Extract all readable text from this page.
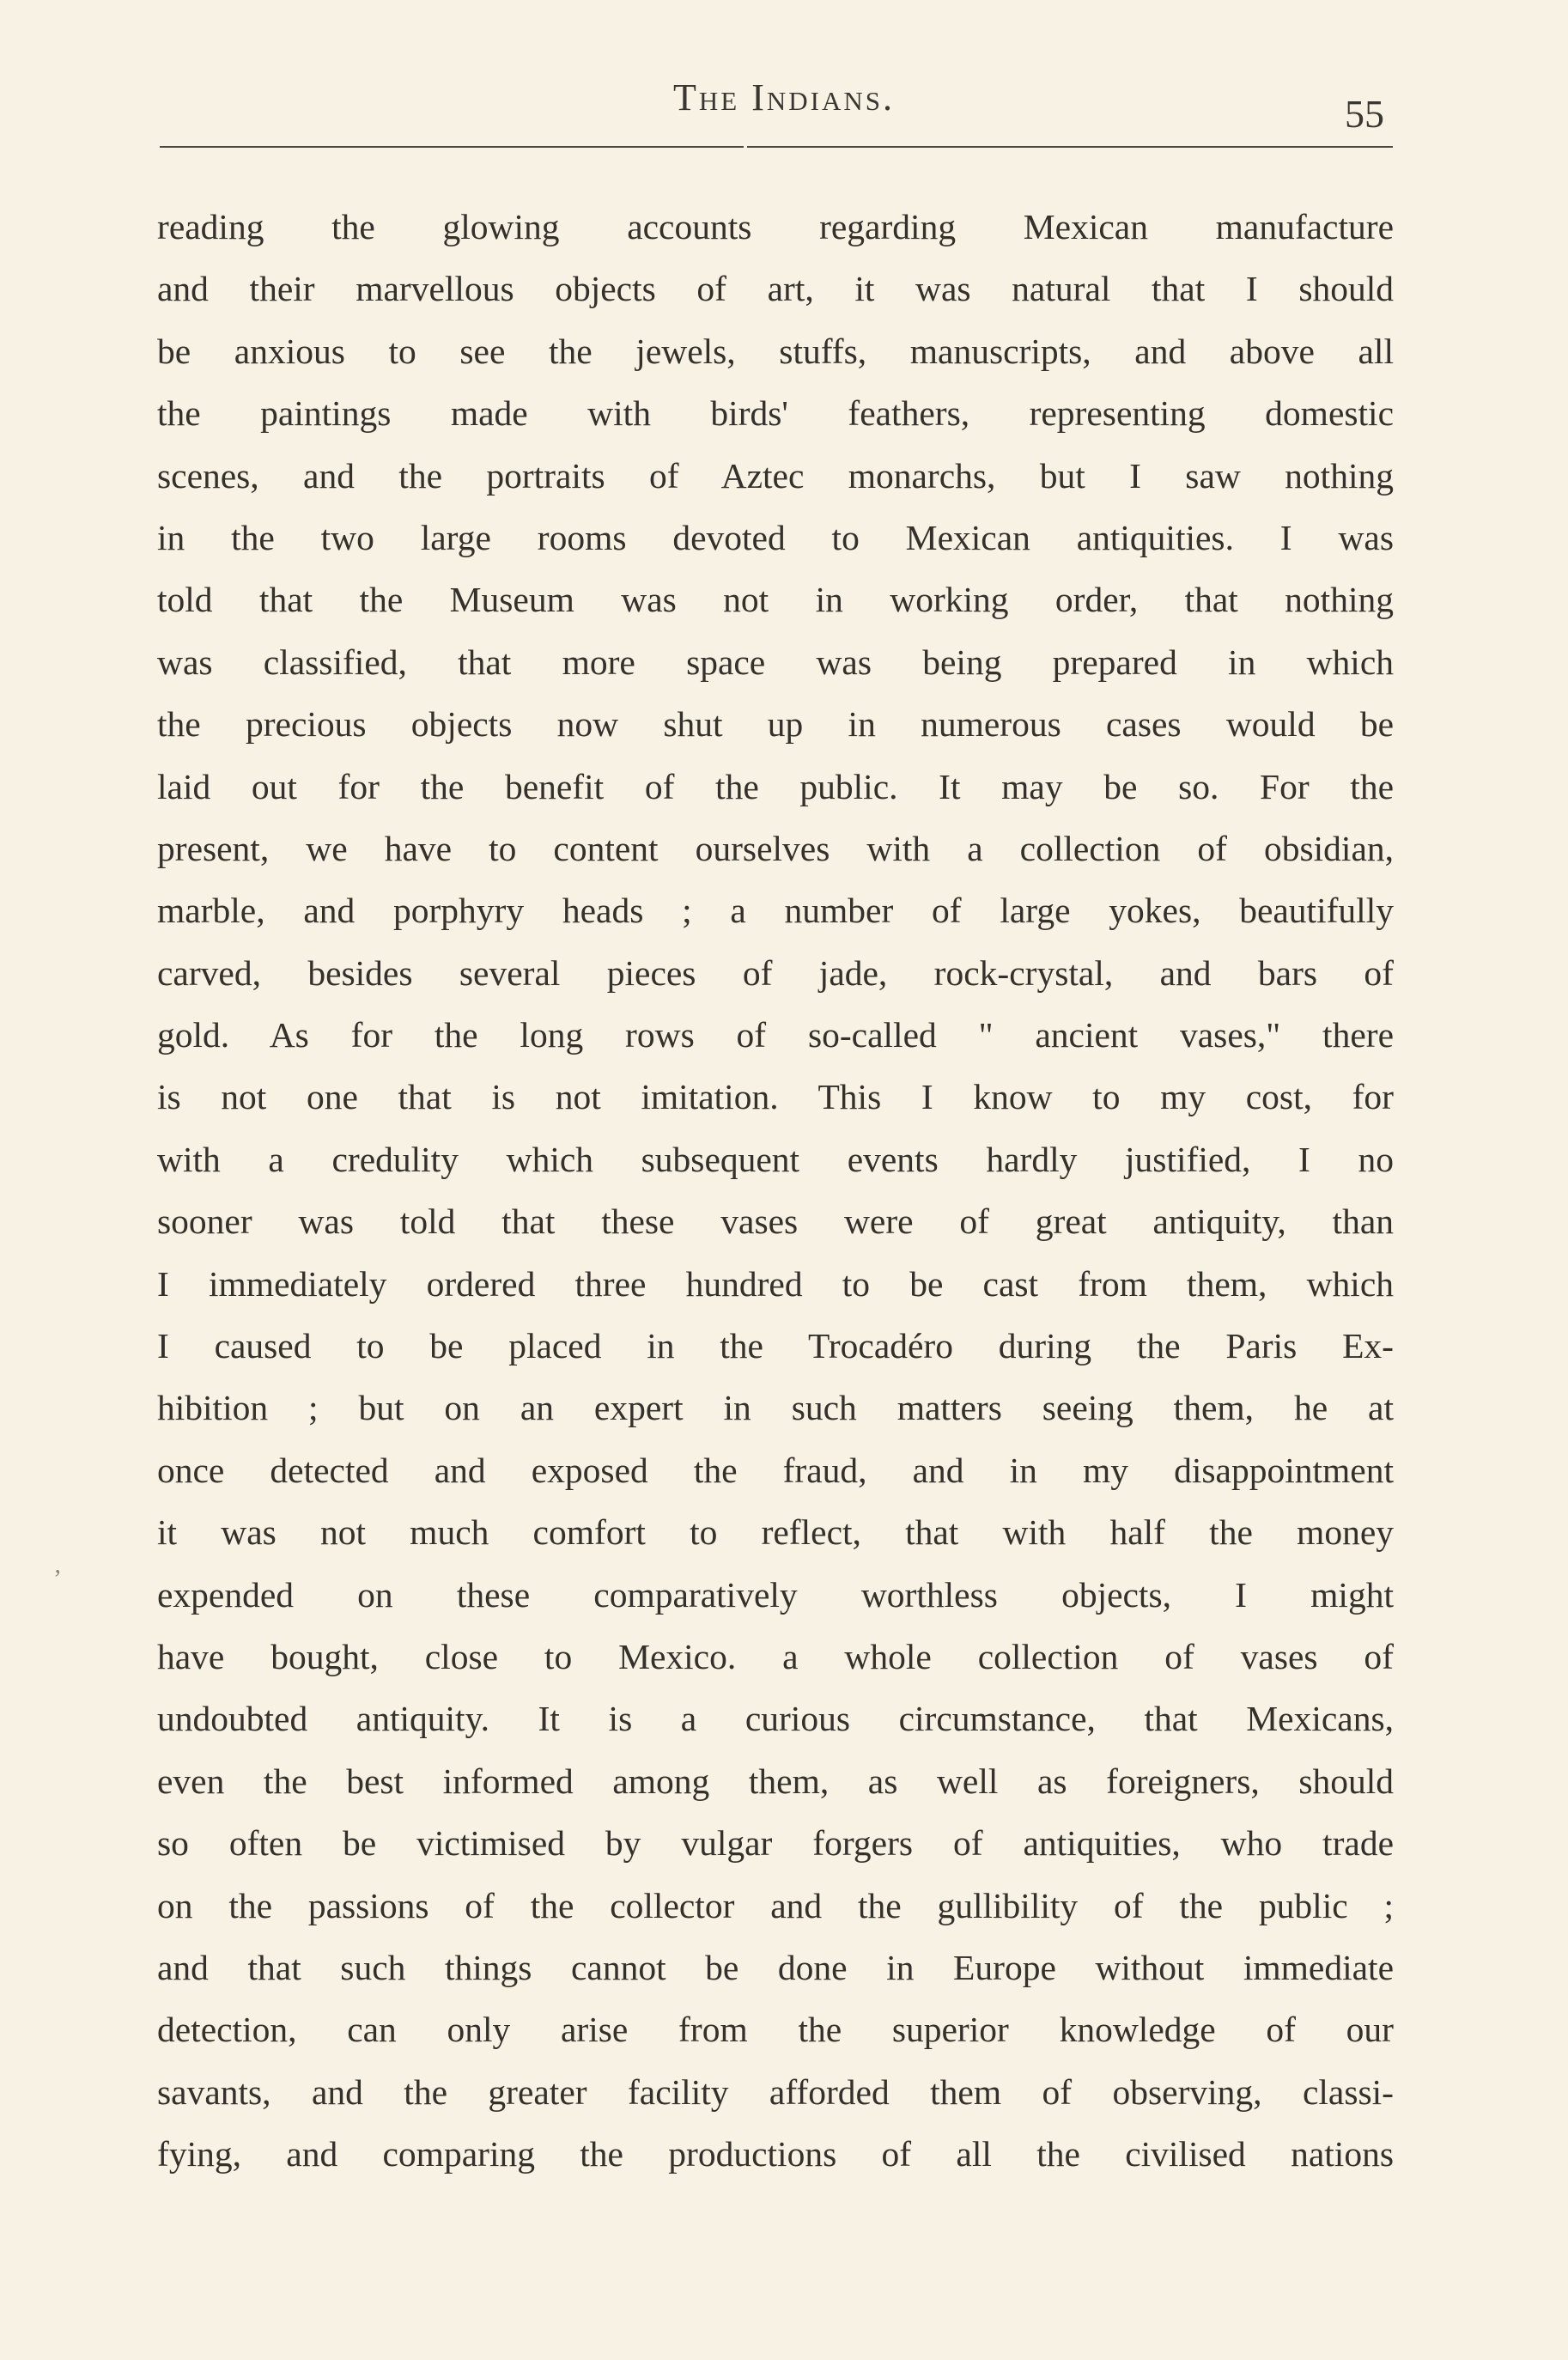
The Indians.	55
ʼ
reading the glowing accounts regarding Mexican manufacture
and their marvellous objects of art, it was natural that I should
be anxious to see the jewels, stuffs, manuscripts, and above all
the paintings made with birds' feathers, representing domestic
scenes, and the portraits of Aztec monarchs, but I saw nothing
in the two large rooms devoted to Mexican antiquities. I was
told that the Museum was not in working order, that nothing
was classified, that more space was being prepared in which
the precious objects now shut up in numerous cases would be
laid out for the benefit of the public. It may be so. For the
present, we have to content ourselves with a collection of obsidian,
marble, and porphyry heads ; a number of large yokes, beautifully
carved, besides several pieces of jade, rock-crystal, and bars of
gold. As for the long rows of so-called " ancient vases," there
is not one that is not imitation. This I know to my cost, for
with a credulity which subsequent events hardly justified, I no
sooner was told that these vases were of great antiquity, than
I immediately ordered three hundred to be cast from them, which
I caused to be placed in the Trocadéro during the Paris Ex-
hibition ; but on an expert in such matters seeing them, he at
once detected and exposed the fraud, and in my disappointment
it was not much comfort to reflect, that with half the money
expended on these comparatively worthless objects, I might
have bought, close to Mexico. a whole collection of vases of
undoubted antiquity. It is a curious circumstance, that Mexicans,
even the best informed among them, as well as foreigners, should
so often be victimised by vulgar forgers of antiquities, who trade
on the passions of the collector and the gullibility of the public ;
and that such things cannot be done in Europe without immediate
detection, can only arise from the superior knowledge of our
savants, and the greater facility afforded them of observing, classi-
fying, and comparing the productions of all the civilised nations
